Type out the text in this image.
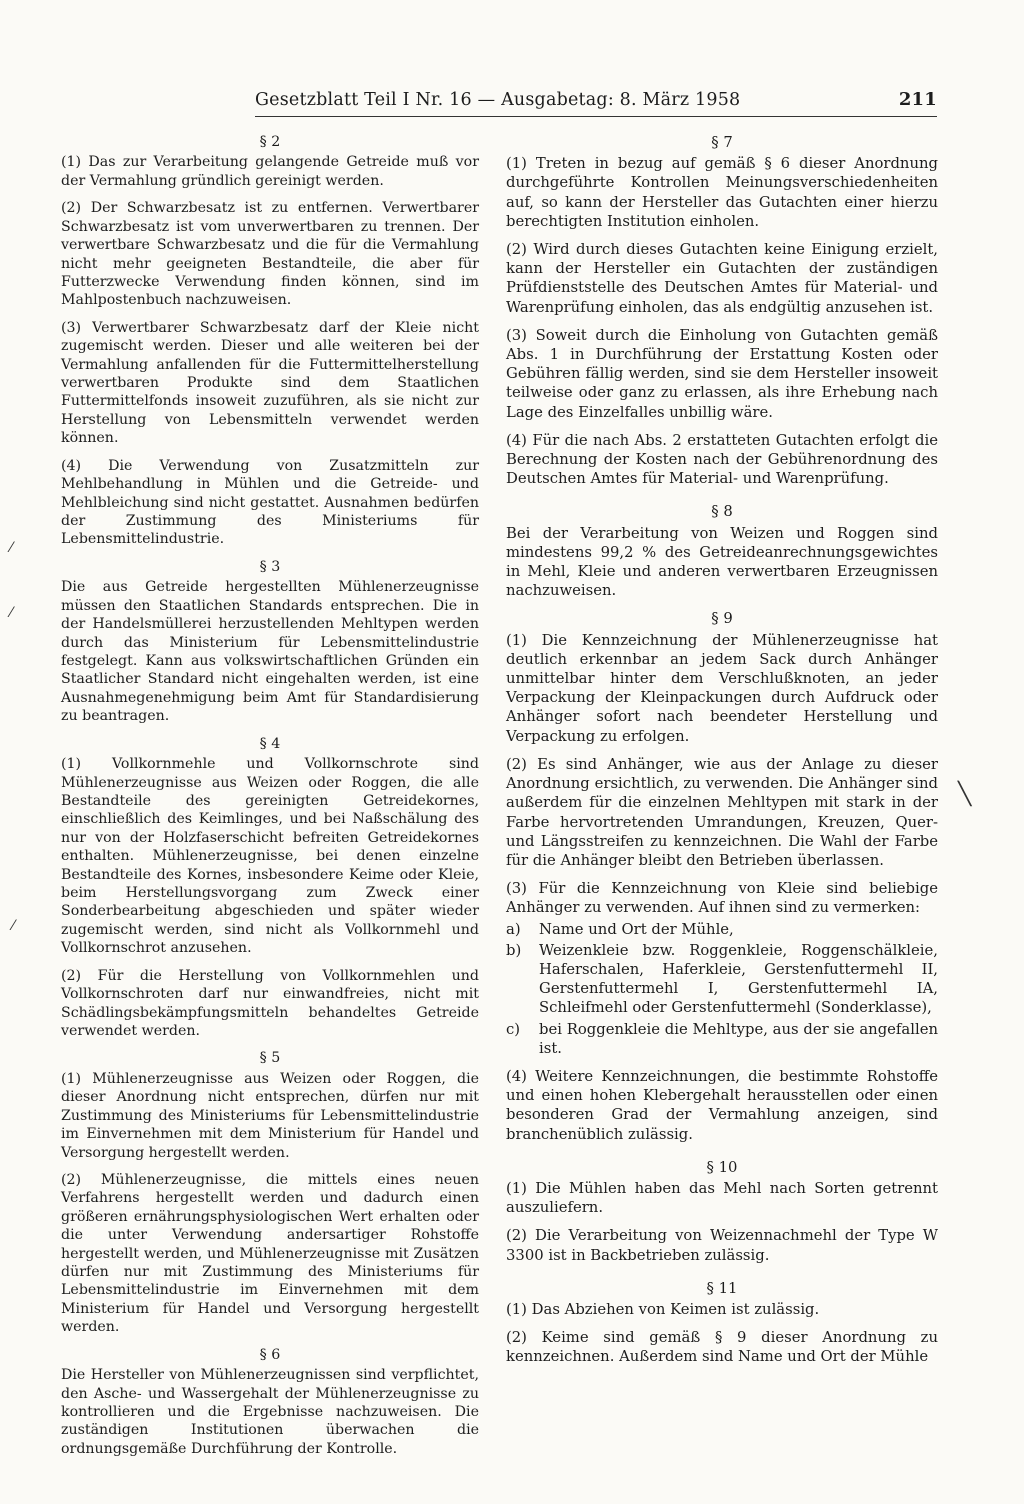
Gesetzblatt Teil I Nr. 16 — Ausgabetag: 8. März 1958	211
§ 2
(1) Das zur Verarbeitung gelangende Getreide muß vor der Vermahlung gründlich gereinigt werden.
(2) Der Schwarzbesatz ist zu entfernen. Verwertbarer Schwarzbesatz ist vom unverwertbaren zu trennen. Der verwertbare Schwarzbesatz und die für die Vermahlung nicht mehr geeigneten Bestandteile, die aber für Futterzwecke Verwendung finden können, sind im Mahlpostenbuch nachzuweisen.
(3) Verwertbarer Schwarzbesatz darf der Kleie nicht zugemischt werden. Dieser und alle weiteren bei der Vermahlung anfallenden für die Futtermittelherstellung verwertbaren Produkte sind dem Staatlichen Futtermittelfonds insoweit zuzuführen, als sie nicht zur Herstellung von Lebensmitteln verwendet werden können.
(4) Die Verwendung von Zusatzmitteln zur Mehlbehandlung in Mühlen und die Getreide- und Mehlbleichung sind nicht gestattet. Ausnahmen bedürfen der Zustimmung des Ministeriums für Lebensmittelindustrie.
§ 3
Die aus Getreide hergestellten Mühlenerzeugnisse müssen den Staatlichen Standards entsprechen. Die in der Handelsmüllerei herzustellenden Mehltypen werden durch das Ministerium für Lebensmittelindustrie festgelegt. Kann aus volkswirtschaftlichen Gründen ein Staatlicher Standard nicht eingehalten werden, ist eine Ausnahmegenehmigung beim Amt für Standardisierung zu beantragen.
§ 4
(1) Vollkornmehle und Vollkornschrote sind Mühlenerzeugnisse aus Weizen oder Roggen, die alle Bestandteile des gereinigten Getreidekornes, einschließlich des Keimlinges, und bei Naßschälung des nur von der Holzfaserschicht befreiten Getreidekornes enthalten. Mühlenerzeugnisse, bei denen einzelne Bestandteile des Kornes, insbesondere Keime oder Kleie, beim Herstellungsvorgang zum Zweck einer Sonderbearbeitung abgeschieden und später wieder zugemischt werden, sind nicht als Vollkornmehl und Vollkornschrot anzusehen.
(2) Für die Herstellung von Vollkornmehlen und Vollkornschroten darf nur einwandfreies, nicht mit Schädlingsbekämpfungsmitteln behandeltes Getreide verwendet werden.
§ 5
(1) Mühlenerzeugnisse aus Weizen oder Roggen, die dieser Anordnung nicht entsprechen, dürfen nur mit Zustimmung des Ministeriums für Lebensmittelindustrie im Einvernehmen mit dem Ministerium für Handel und Versorgung hergestellt werden.
(2) Mühlenerzeugnisse, die mittels eines neuen Verfahrens hergestellt werden und dadurch einen größeren ernährungsphysiologischen Wert erhalten oder die unter Verwendung andersartiger Rohstoffe hergestellt werden, und Mühlenerzeugnisse mit Zusätzen dürfen nur mit Zustimmung des Ministeriums für Lebensmittelindustrie im Einvernehmen mit dem Ministerium für Handel und Versorgung hergestellt werden.
§ 6
Die Hersteller von Mühlenerzeugnissen sind verpflichtet, den Asche- und Wassergehalt der Mühlenerzeugnisse zu kontrollieren und die Ergebnisse nachzuweisen. Die zuständigen Institutionen überwachen die ordnungsgemäße Durchführung der Kontrolle.
§ 7
(1) Treten in bezug auf gemäß § 6 dieser Anordnung durchgeführte Kontrollen Meinungsverschiedenheiten auf, so kann der Hersteller das Gutachten einer hierzu berechtigten Institution einholen.
(2) Wird durch dieses Gutachten keine Einigung erzielt, kann der Hersteller ein Gutachten der zuständigen Prüfdienststelle des Deutschen Amtes für Material- und Warenprüfung einholen, das als endgültig anzusehen ist.
(3) Soweit durch die Einholung von Gutachten gemäß Abs. 1 in Durchführung der Erstattung Kosten oder Gebühren fällig werden, sind sie dem Hersteller insoweit teilweise oder ganz zu erlassen, als ihre Erhebung nach Lage des Einzelfalles unbillig wäre.
(4) Für die nach Abs. 2 erstatteten Gutachten erfolgt die Berechnung der Kosten nach der Gebührenordnung des Deutschen Amtes für Material- und Warenprüfung.
§ 8
Bei der Verarbeitung von Weizen und Roggen sind mindestens 99,2 % des Getreideanrechnungsgewichtes in Mehl, Kleie und anderen verwertbaren Erzeugnissen nachzuweisen.
§ 9
(1) Die Kennzeichnung der Mühlenerzeugnisse hat deutlich erkennbar an jedem Sack durch Anhänger unmittelbar hinter dem Verschlußknoten, an jeder Verpackung der Kleinpackungen durch Aufdruck oder Anhänger sofort nach beendeter Herstellung und Verpackung zu erfolgen.
(2) Es sind Anhänger, wie aus der Anlage zu dieser Anordnung ersichtlich, zu verwenden. Die Anhänger sind außerdem für die einzelnen Mehltypen mit stark in der Farbe hervortretenden Umrandungen, Kreuzen, Quer- und Längsstreifen zu kennzeichnen. Die Wahl der Farbe für die Anhänger bleibt den Betrieben überlassen.
(3) Für die Kennzeichnung von Kleie sind beliebige Anhänger zu verwenden. Auf ihnen sind zu vermerken:
a)	Name und Ort der Mühle,
b)	Weizenkleie bzw. Roggenkleie, Roggenschälkleie, Haferschalen, Haferkleie, Gerstenfuttermehl II, Gerstenfuttermehl I, Gerstenfuttermehl IA, Schleifmehl oder Gerstenfuttermehl (Sonderklasse),
c)	bei Roggenkleie die Mehltype, aus der sie angefallen ist.
(4) Weitere Kennzeichnungen, die bestimmte Rohstoffe und einen hohen Klebergehalt herausstellen oder einen besonderen Grad der Vermahlung anzeigen, sind branchenüblich zulässig.
§ 10
(1) Die Mühlen haben das Mehl nach Sorten getrennt auszuliefern.
(2) Die Verarbeitung von Weizennachmehl der Type W 3300 ist in Backbetrieben zulässig.
§ 11
(1) Das Abziehen von Keimen ist zulässig.
(2) Keime sind gemäß § 9 dieser Anordnung zu kennzeichnen. Außerdem sind Name und Ort der Mühle
⁄
⁄
⁄
╲
